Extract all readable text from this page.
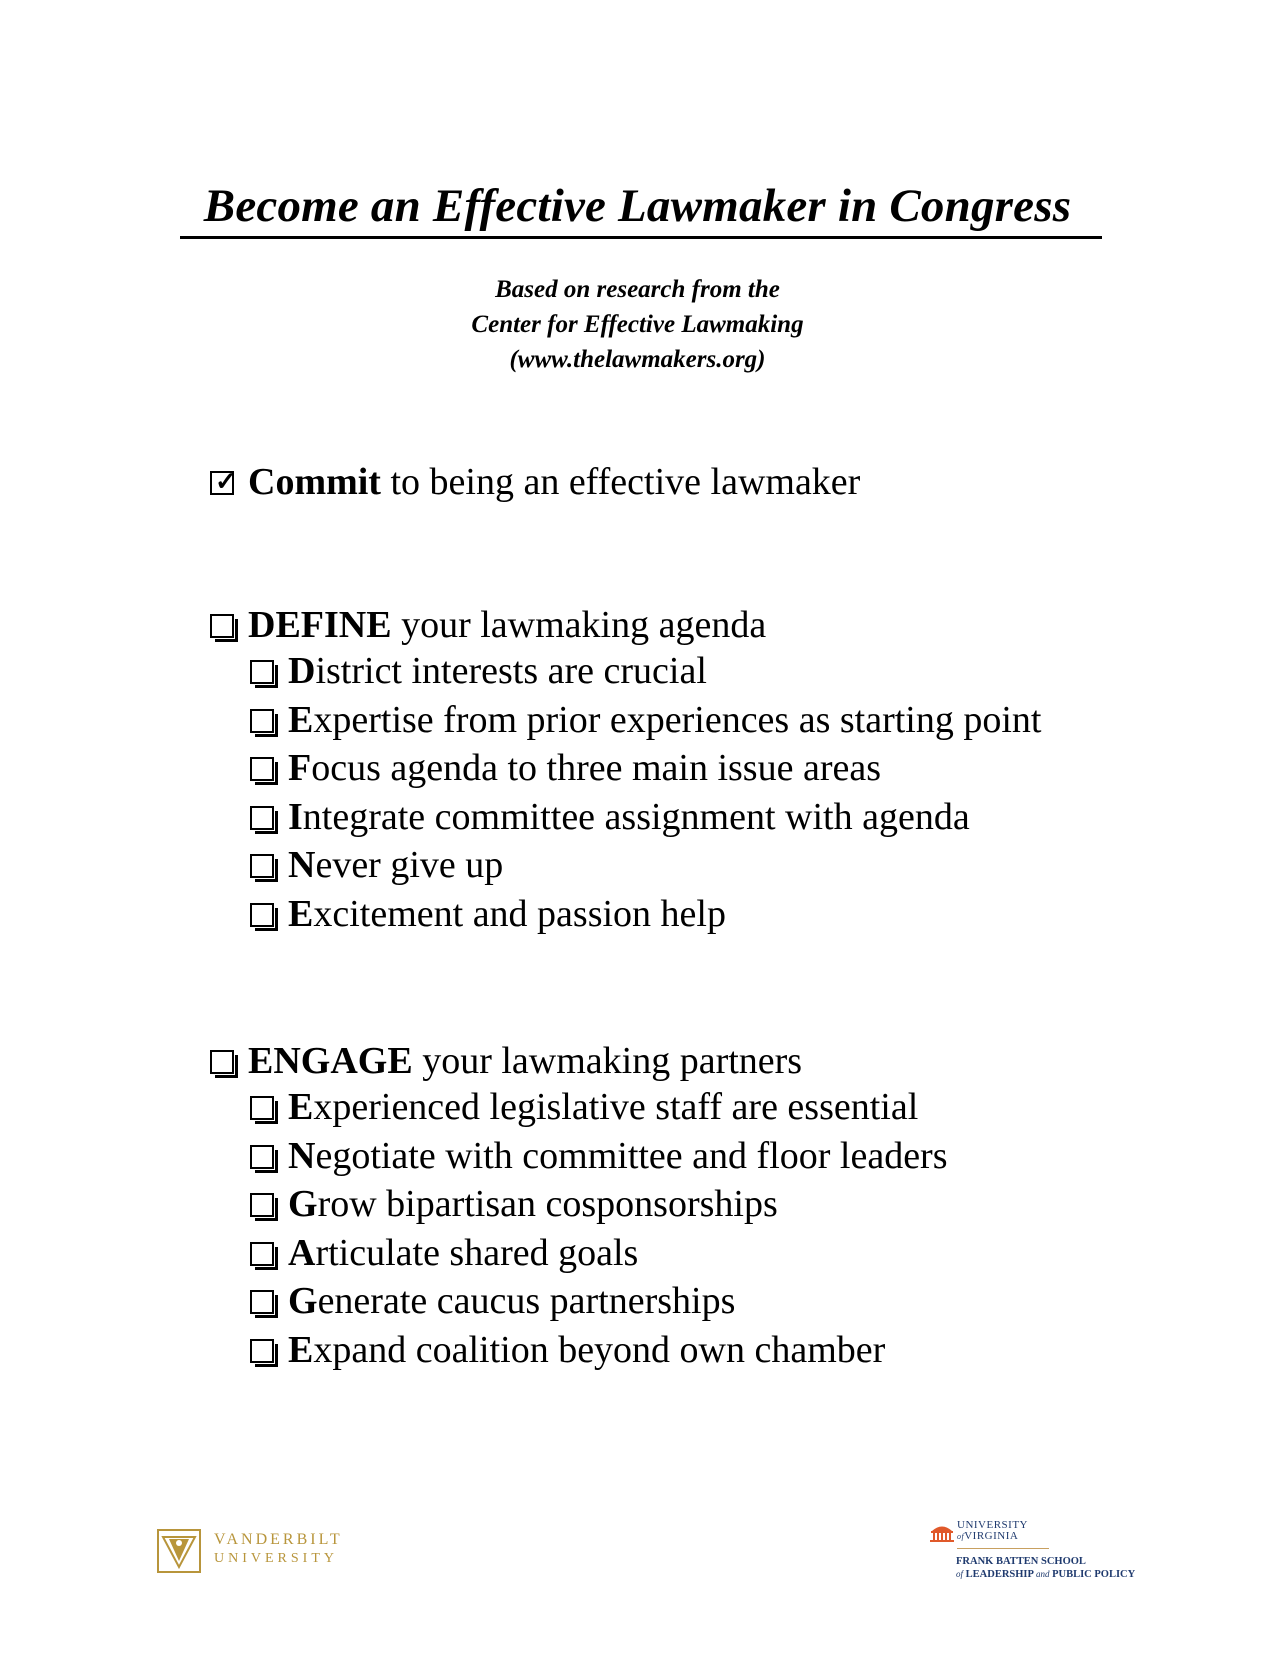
Become an Effective Lawmaker in Congress
Based on research from the
Center for Effective Lawmaking
(www.thelawmakers.org)
✓ Commit to being an effective lawmaker
DEFINE your lawmaking agenda
District interests are crucial
Expertise from prior experiences as starting point
Focus agenda to three main issue areas
Integrate committee assignment with agenda
Never give up
Excitement and passion help
ENGAGE your lawmaking partners
Experienced legislative staff are essential
Negotiate with committee and floor leaders
Grow bipartisan cosponsorships
Articulate shared goals
Generate caucus partnerships
Expand coalition beyond own chamber
VANDERBILT
UNIVERSITY
UNIVERSITY
ofVIRGINIA
FRANK BATTEN SCHOOL
of LEADERSHIP and PUBLIC POLICY
